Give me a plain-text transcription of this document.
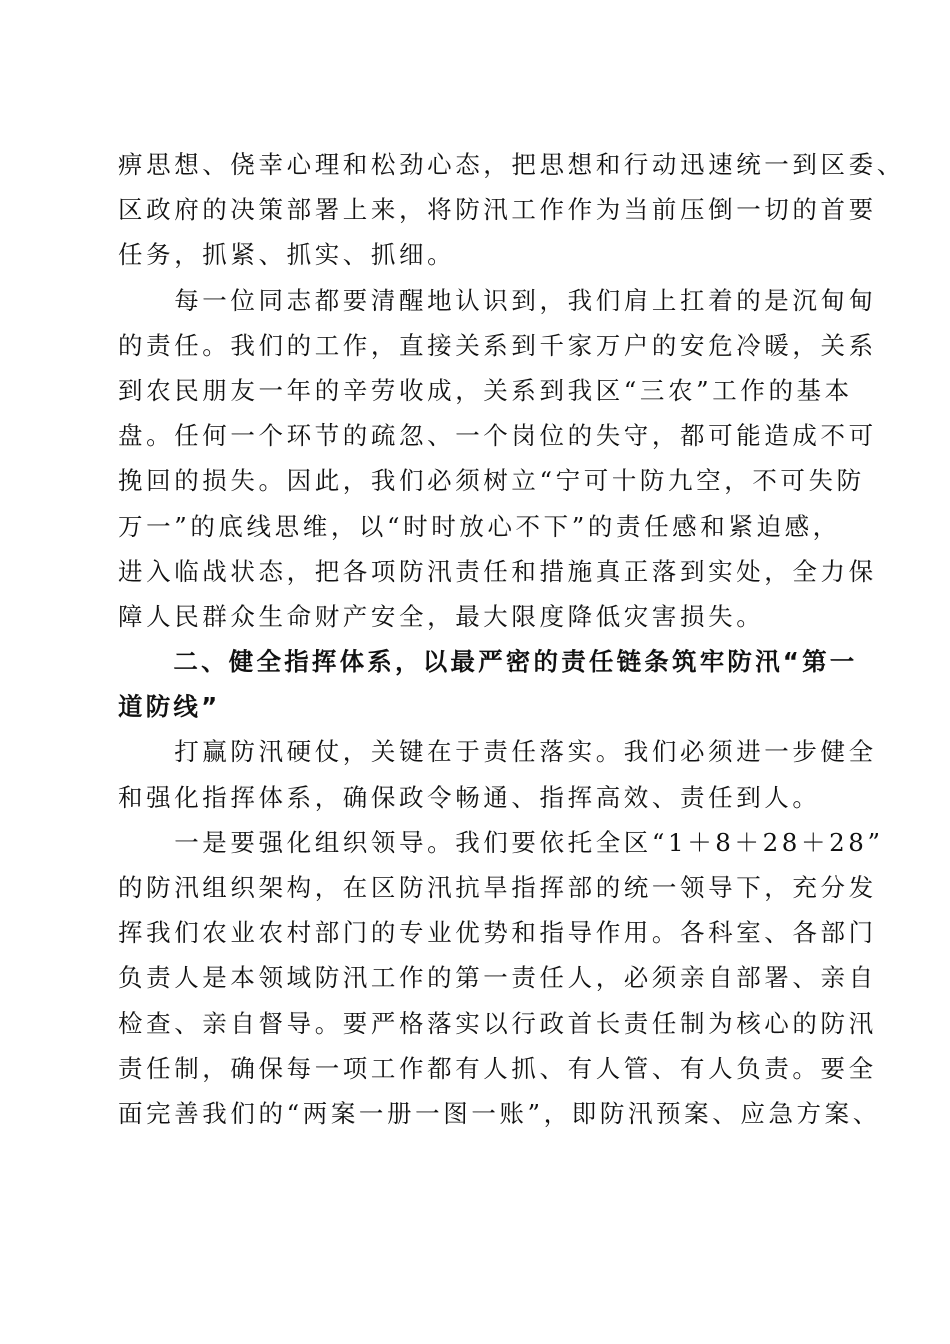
痹思想、侥幸心理和松劲心态，把思想和行动迅速统一到区委、
区政府的决策部署上来，将防汛工作作为当前压倒一切的首要
任务，抓紧、抓实、抓细。
　　每一位同志都要清醒地认识到，我们肩上扛着的是沉甸甸
的责任。我们的工作，直接关系到千家万户的安危冷暖，关系
到农民朋友一年的辛劳收成，关系到我区“三农”工作的基本
盘。任何一个环节的疏忽、一个岗位的失守，都可能造成不可
挽回的损失。因此，我们必须树立“宁可十防九空，不可失防
万一”的底线思维，以“时时放心不下”的责任感和紧迫感，
进入临战状态，把各项防汛责任和措施真正落到实处，全力保
障人民群众生命财产安全，最大限度降低灾害损失。
　　二、健全指挥体系，以最严密的责任链条筑牢防汛“第一
道防线”
　　打赢防汛硬仗，关键在于责任落实。我们必须进一步健全
和强化指挥体系，确保政令畅通、指挥高效、责任到人。
　　一是要强化组织领导。我们要依托全区“1＋8＋28＋28”
的防汛组织架构，在区防汛抗旱指挥部的统一领导下，充分发
挥我们农业农村部门的专业优势和指导作用。各科室、各部门
负责人是本领域防汛工作的第一责任人，必须亲自部署、亲自
检查、亲自督导。要严格落实以行政首长责任制为核心的防汛
责任制，确保每一项工作都有人抓、有人管、有人负责。要全
面完善我们的“两案一册一图一账”，即防汛预案、应急方案、
